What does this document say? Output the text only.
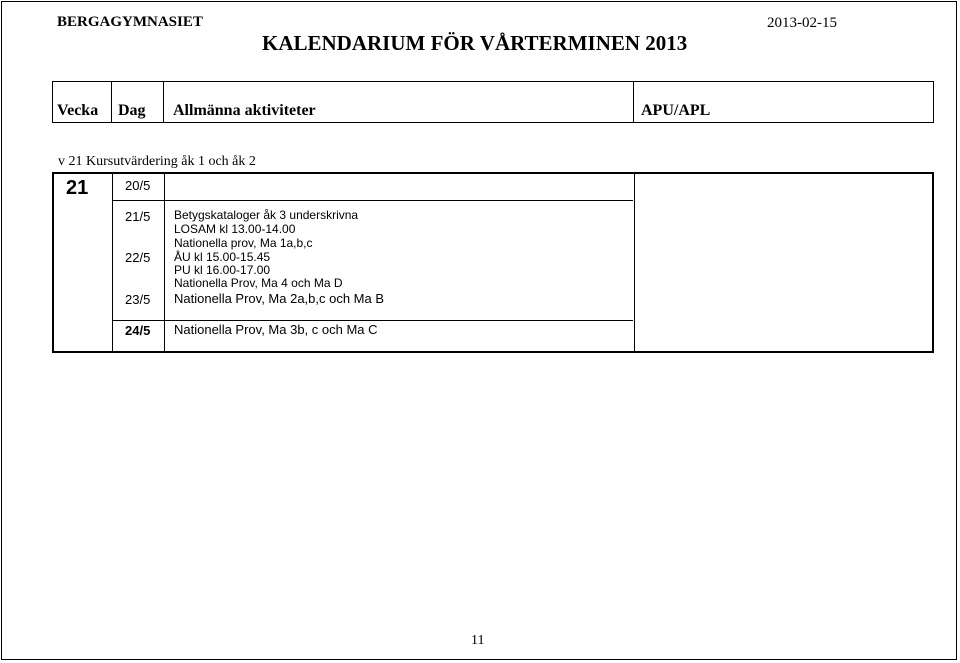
BERGAGYMNASIET	2013-02-15
KALENDARIUM FÖR VÅRTERMINEN 2013
Vecka Dag Allmänna aktiviteter	APU/APL
v 21 Kursutvärdering åk 1 och åk 2
21	20/5
21/5 Betygskataloger åk 3 underskrivna
LOSAM kl 13.00-14.00
Nationella prov, Ma 1a,b,c
22/5 ÅU kl 15.00-15.45
PU kl 16.00-17.00
Nationella Prov, Ma 4 och Ma D
23/5 Nationella Prov, Ma 2a,b,c och Ma B
24/5 Nationella Prov, Ma 3b, c och Ma C
11
